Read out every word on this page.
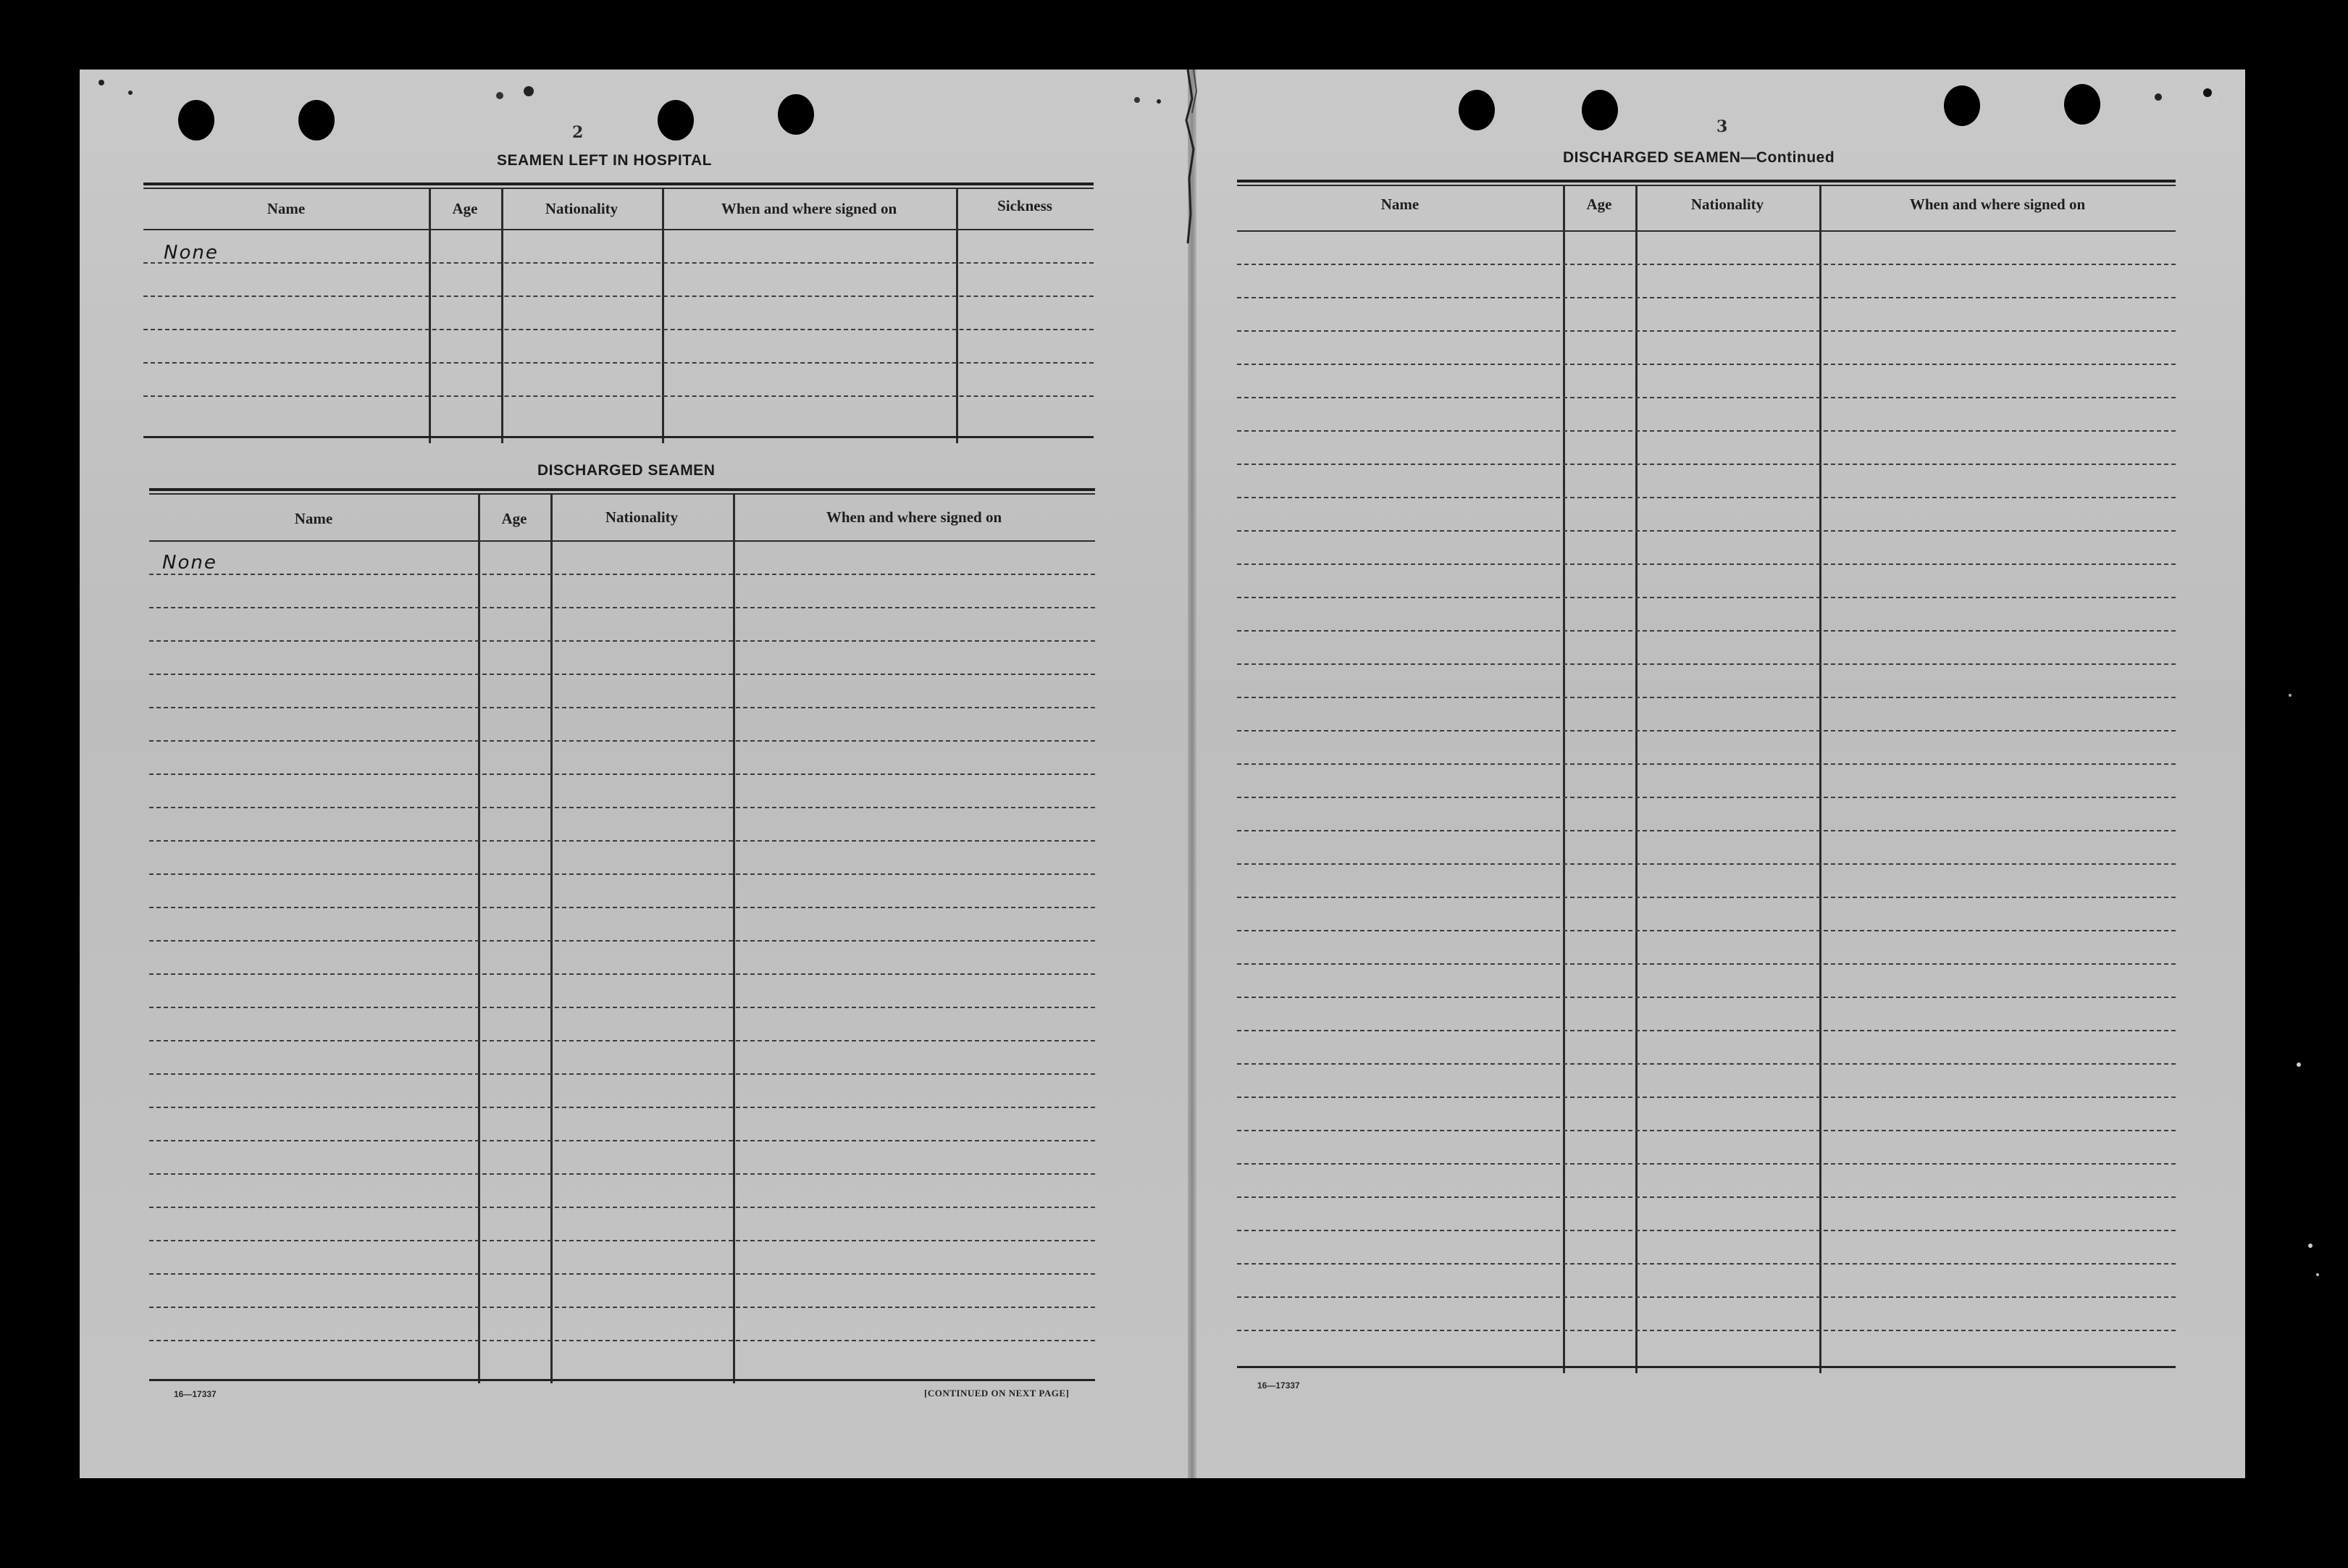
2
SEAMEN LEFT IN HOSPITAL
Name	Age	Nationality	When and where signed on	Sickness
None
DISCHARGED SEAMEN
Name	Age	Nationality	When and where signed on
None
16—17337	[CONTINUED ON NEXT PAGE]
3
DISCHARGED SEAMEN—Continued
Name	Age	Nationality	When and where signed on
16—17337
